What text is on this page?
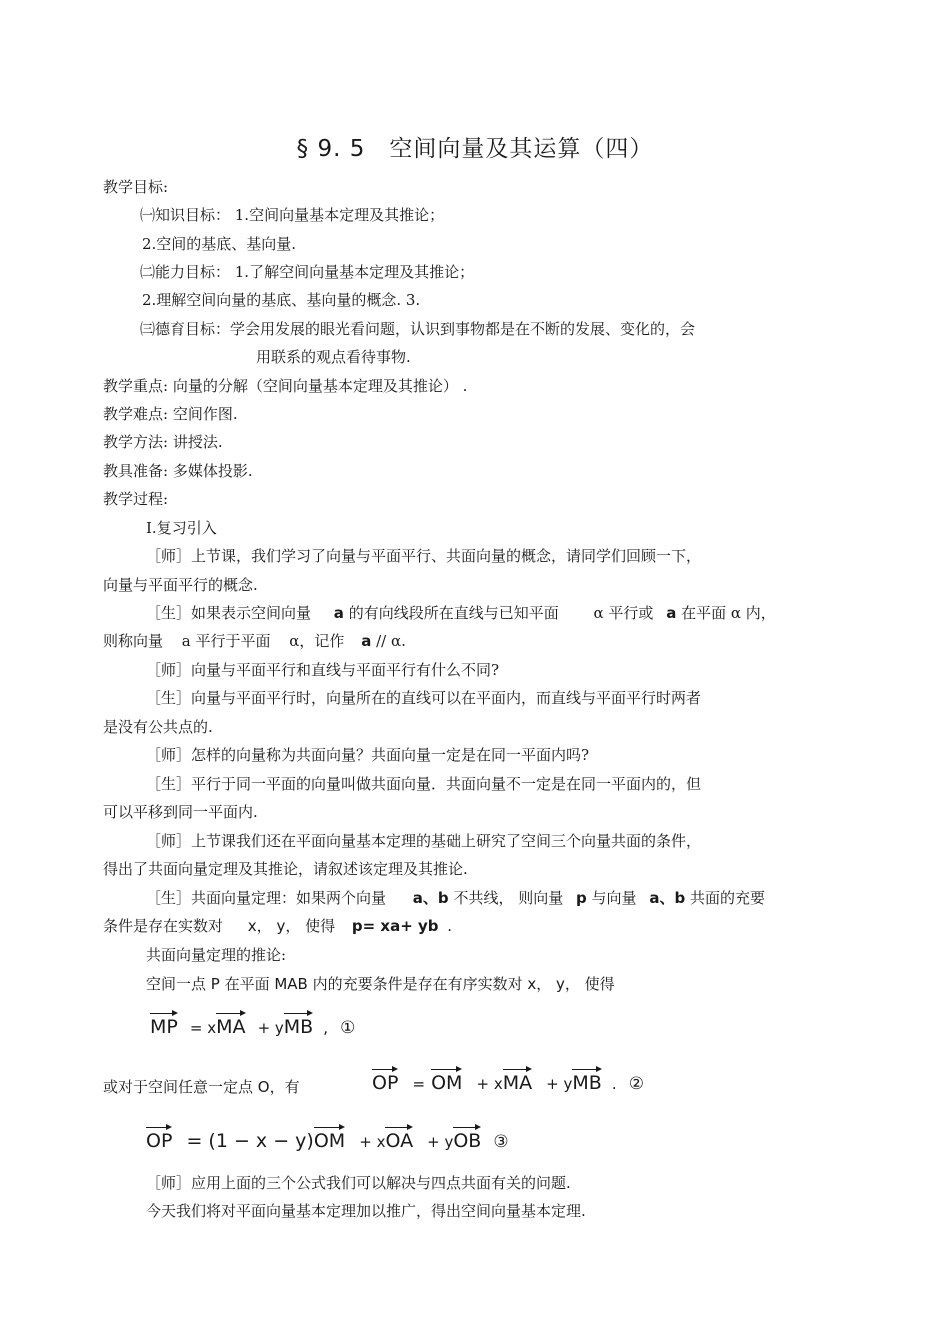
§ 9. 5　空间向量及其运算（四）
教学目标:
㈠知识目标： 1.空间向量基本定理及其推论；
2.空间的基底、基向量.
㈡能力目标： 1.了解空间向量基本定理及其推论；
2.理解空间向量的基底、基向量的概念. 3.
㈢德育目标：学会用发展的眼光看问题，认识到事物都是在不断的发展、变化的，会
用联系的观点看待事物.
教学重点: 向量的分解（空间向量基本定理及其推论） .
教学难点: 空间作图.
教学方法: 讲授法.
教具准备: 多媒体投影.
教学过程:
Ⅰ.复习引入
［师］上节课，我们学习了向量与平面平行、共面向量的概念，请同学们回顾一下，
向量与平面平行的概念.
［生］如果表示空间向量 a 的有向线段所在直线与已知平面 α 平行或 a 在平面 α 内，
则称向量 a 平行于平面 α，记作 a // α.
［师］向量与平面平行和直线与平面平行有什么不同?
［生］向量与平面平行时，向量所在的直线可以在平面内，而直线与平面平行时两者
是没有公共点的.
［师］怎样的向量称为共面向量？共面向量一定是在同一平面内吗?
［生］平行于同一平面的向量叫做共面向量．共面向量不一定是在同一平面内的，但
可以平移到同一平面内.
［师］上节课我们还在平面向量基本定理的基础上研究了空间三个向量共面的条件，
得出了共面向量定理及其推论，请叙述该定理及其推论.
［生］共面向量定理：如果两个向量 a、b 不共线， 则向量 p 与向量 a、b 共面的充要
条件是存在实数对 x， y， 使得 p= xa+ yb .
共面向量定理的推论:
空间一点 P 在平面 MAB 内的充要条件是存在有序实数对 x， y， 使得
MP = xMA + yMB , ①
或对于空间任意一定点 O，有	OP = OM + xMA + yMB . ②
OP = (1 − x − y)OM + xOA + yOB ③
［师］应用上面的三个公式我们可以解决与四点共面有关的问题.
今天我们将对平面向量基本定理加以推广，得出空间向量基本定理.
